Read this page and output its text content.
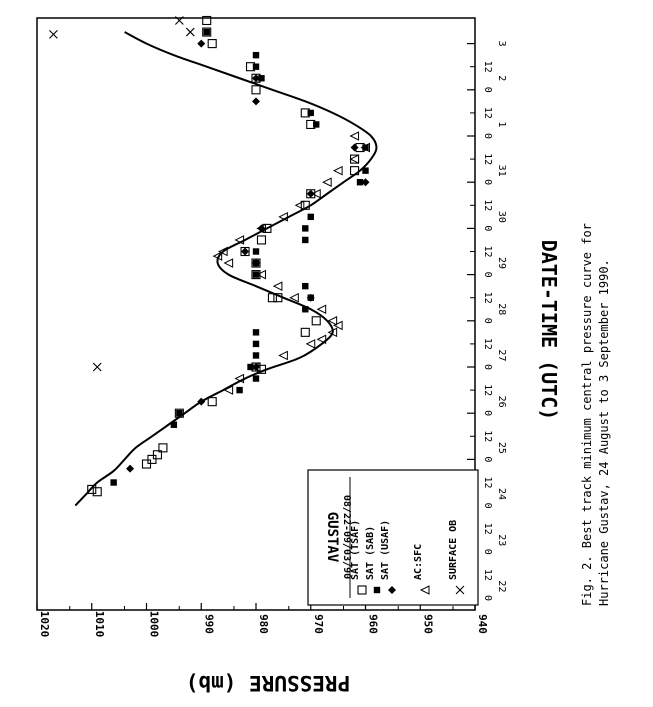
940
950
960
970
980
990
1000
1010
1020
0
12
22
0
12
23
0
12
24
0
12
25
0
12
26
0
12
27
0
12
28
0
12
29
0
12
30
0
12
31
0
12
1
0
12
2
3
DATE-TIME (UTC)
PRESSURE (mb)
GUSTAV 08/22-09/03/90
SAT (TSAF) SAT (SAB) SAT (USAF) AC:SFC SURFACE OB	Fig. 2. Best track minimum central pressure curve for Hurricane Gustav, 24 August to 3 September 1990.
